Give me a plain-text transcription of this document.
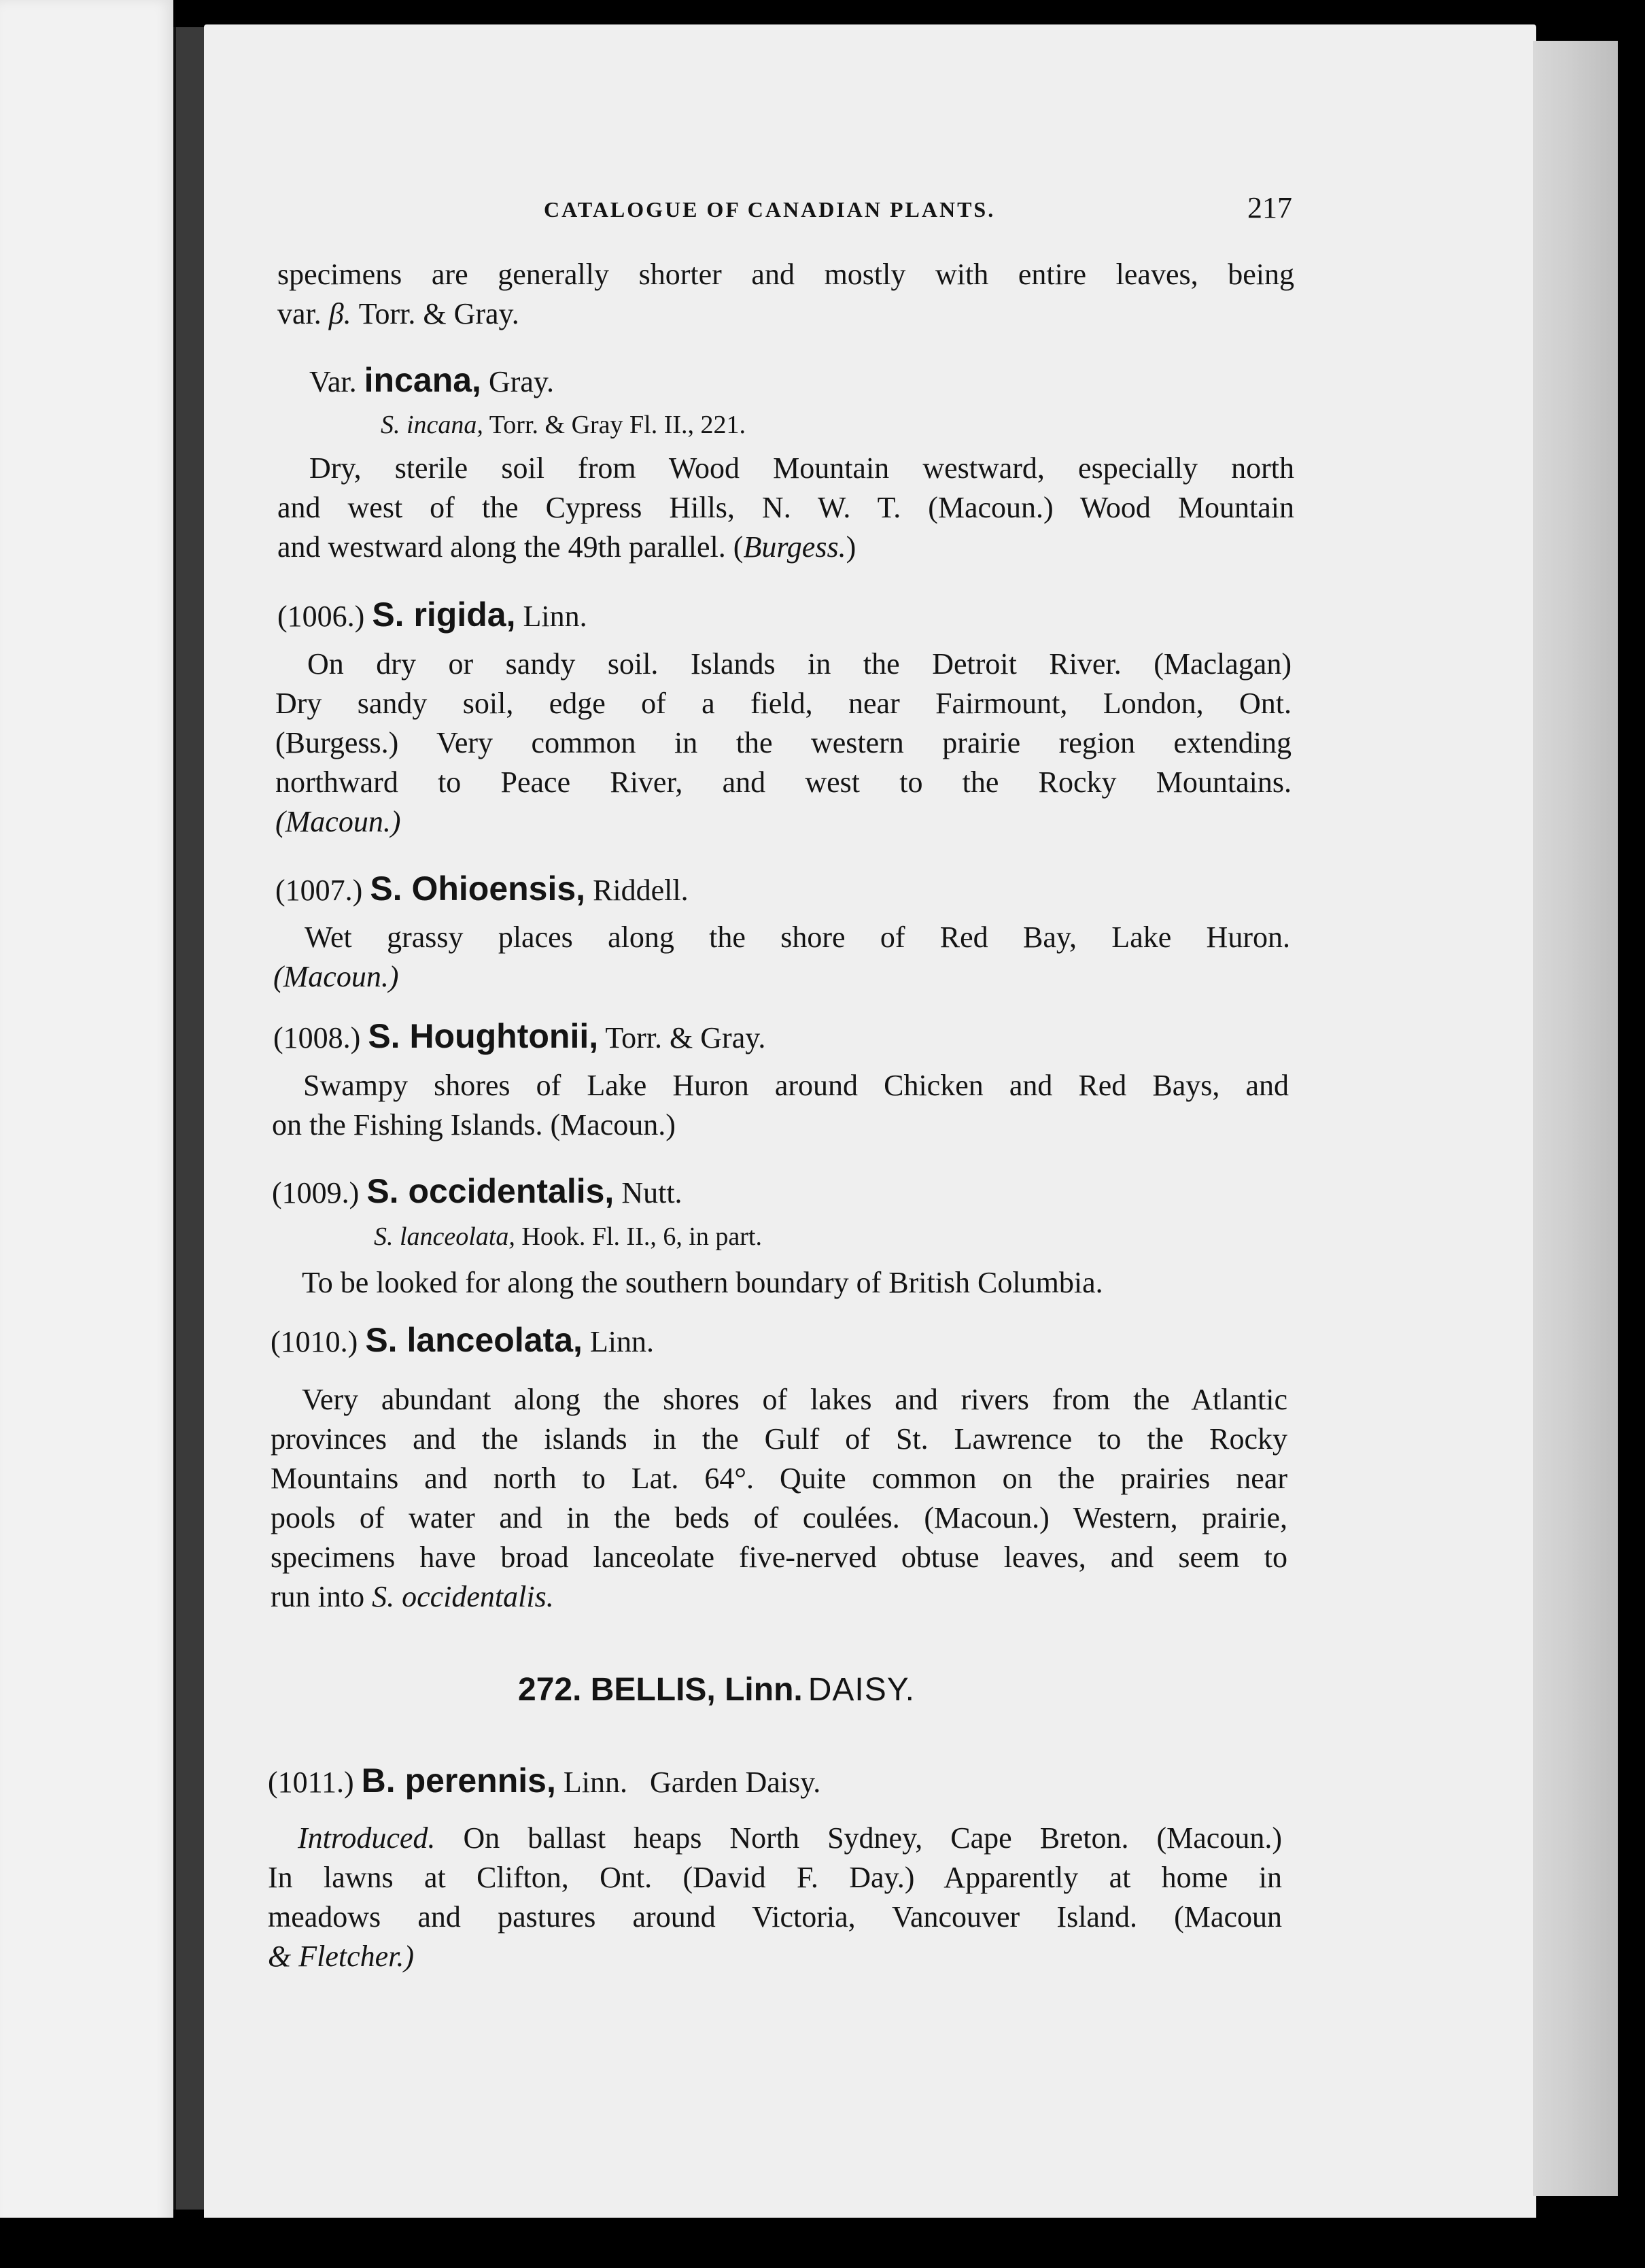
CATALOGUE OF CANADIAN PLANTS.	217
specimens are generally shorter and mostly with entire leaves, being
var. β. Torr. & Gray.
Var. incana, Gray.
S. incana, Torr. & Gray Fl. II., 221.
Dry, sterile soil from Wood Mountain westward, especially north
and west of the Cypress Hills, N. W. T. (Macoun.) Wood Mountain
and westward along the 49th parallel. (Burgess.)
(1006.) S. rigida, Linn.
On dry or sandy soil. Islands in the Detroit River. (Maclagan)
Dry sandy soil, edge of a field, near Fairmount, London, Ont.
(Burgess.) Very common in the western prairie region extending
northward to Peace River, and west to the Rocky Mountains.
(Macoun.)
(1007.) S. Ohioensis, Riddell.
Wet grassy places along the shore of Red Bay, Lake Huron.
(Macoun.)
(1008.) S. Houghtonii, Torr. & Gray.
Swampy shores of Lake Huron around Chicken and Red Bays, and
on the Fishing Islands. (Macoun.)
(1009.) S. occidentalis, Nutt.
S. lanceolata, Hook. Fl. II., 6, in part.
To be looked for along the southern boundary of British Columbia.
(1010.) S. lanceolata, Linn.
Very abundant along the shores of lakes and rivers from the Atlantic
provinces and the islands in the Gulf of St. Lawrence to the Rocky
Mountains and north to Lat. 64°. Quite common on the prairies near
pools of water and in the beds of coulées. (Macoun.) Western, prairie,
specimens have broad lanceolate five-nerved obtuse leaves, and seem to
run into S. occidentalis.
272. BELLIS, Linn. DAISY.
(1011.) B. perennis, Linn. Garden Daisy.
Introduced. On ballast heaps North Sydney, Cape Breton. (Macoun.)
In lawns at Clifton, Ont. (David F. Day.) Apparently at home in
meadows and pastures around Victoria, Vancouver Island. (Macoun
& Fletcher.)
